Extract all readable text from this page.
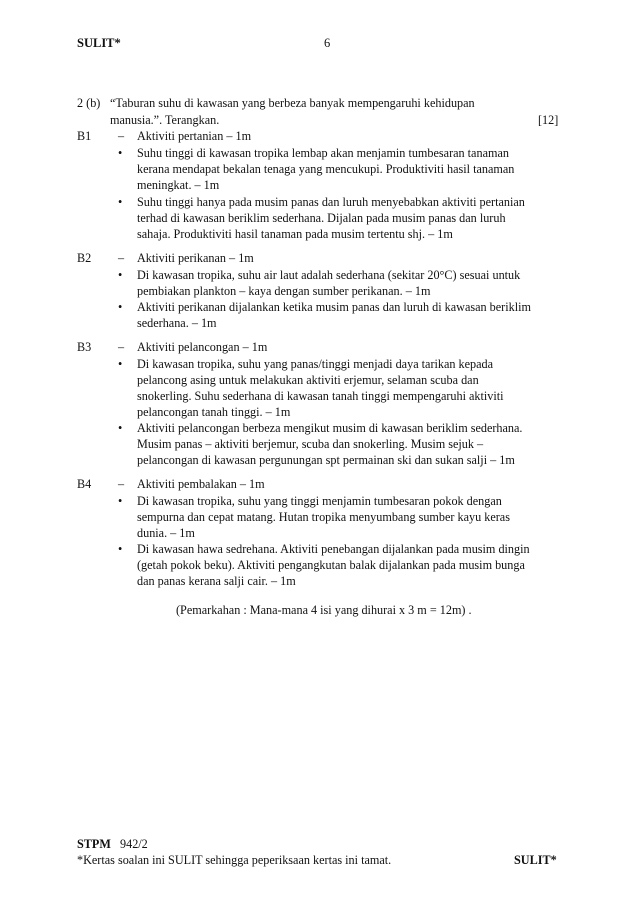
SULIT*	6
2 (b) “Taburan suhu di kawasan yang berbeza banyak mempengaruhi kehidupan
manusia.”. Terangkan.	[12]
B1 – Aktiviti pertanian – 1m
• Suhu tinggi di kawasan tropika lembap akan menjamin tumbesaran tanaman
kerana mendapat bekalan tenaga yang mencukupi. Produktiviti hasil tanaman
meningkat. – 1m
• Suhu tinggi hanya pada musim panas dan luruh menyebabkan aktiviti pertanian
terhad di kawasan beriklim sederhana. Dijalan pada musim panas dan luruh
sahaja. Produktiviti hasil tanaman pada musim tertentu shj. – 1m
B2 – Aktiviti perikanan – 1m
• Di kawasan tropika, suhu air laut adalah sederhana (sekitar 20°C) sesuai untuk
pembiakan plankton – kaya dengan sumber perikanan. – 1m
• Aktiviti perikanan dijalankan ketika musim panas dan luruh di kawasan beriklim
sederhana. – 1m
B3 – Aktiviti pelancongan – 1m
• Di kawasan tropika, suhu yang panas/tinggi menjadi daya tarikan kepada
pelancong asing untuk melakukan aktiviti erjemur, selaman scuba dan
snokerling. Suhu sederhana di kawasan tanah tinggi mempengaruhi aktiviti
pelancongan tanah tinggi. – 1m
• Aktiviti pelancongan berbeza mengikut musim di kawasan beriklim sederhana.
Musim panas – aktiviti berjemur, scuba dan snokerling. Musim sejuk –
pelancongan di kawasan pergunungan spt permainan ski dan sukan salji – 1m
B4 – Aktiviti pembalakan – 1m
• Di kawasan tropika, suhu yang tinggi menjamin tumbesaran pokok dengan
sempurna dan cepat matang. Hutan tropika menyumbang sumber kayu keras
dunia. – 1m
• Di kawasan hawa sedrehana. Aktiviti penebangan dijalankan pada musim dingin
(getah pokok beku). Aktiviti pengangkutan balak dijalankan pada musim bunga
dan panas kerana salji cair. – 1m
(Pemarkahan : Mana-mana 4 isi yang dihurai x 3 m = 12m) .
STPM 942/2
*Kertas soalan ini SULIT sehingga peperiksaan kertas ini tamat.	SULIT*
